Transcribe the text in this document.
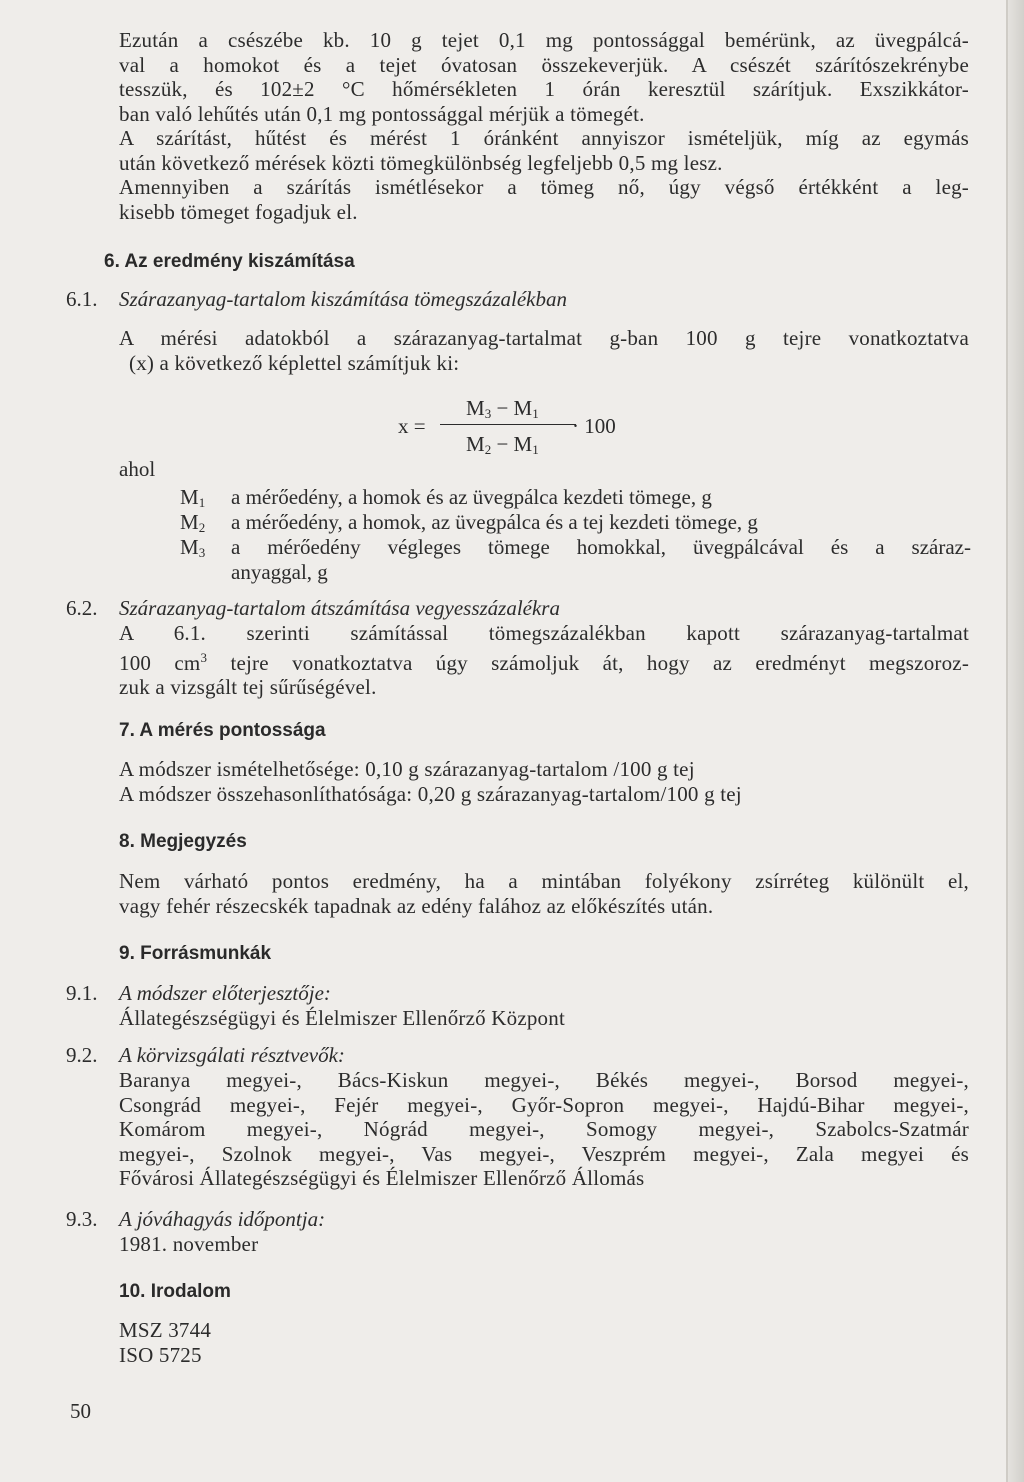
Ezután a csészébe kb. 10 g tejet 0,1 mg pontossággal bemérünk, az üvegpálcá-
val a homokot és a tejet óvatosan összekeverjük. A csészét szárítószekrénybe
tesszük, és 102±2 °C hőmérsékleten 1 órán keresztül szárítjuk. Exszikkátor-
ban való lehűtés után 0,1 mg pontossággal mérjük a tömegét.
A szárítást, hűtést és mérést 1 óránként annyiszor ismételjük, míg az egymás
után következő mérések közti tömegkülönbség legfeljebb 0,5 mg lesz.
Amennyiben a szárítás ismétlésekor a tömeg nő, úgy végső értékként a leg-
kisebb tömeget fogadjuk el.
6. Az eredmény kiszámítása
6.1. Szárazanyag-tartalom kiszámítása tömegszázalékban
A mérési adatokból a szárazanyag-tartalmat g-ban 100 g tejre vonatkoztatva
(x) a következő képlettel számítjuk ki:
x =
$M_3 - M_1$
$M_2 - M_1$
· 100
ahol
$M_1$	a mérőedény, a homok és az üvegpálca kezdeti tömege, g
$M_2$	a mérőedény, a homok, az üvegpálca és a tej kezdeti tömege, g
$M_3$	a mérőedény végleges tömege homokkal, üvegpálcával és a száraz-
anyaggal, g
6.2. Szárazanyag-tartalom átszámítása vegyesszázalékra
A 6.1. szerinti számítással tömegszázalékban kapott szárazanyag-tartalmat
100 $cm^3$ tejre vonatkoztatva úgy számoljuk át, hogy az eredményt megszoroz-
zuk a vizsgált tej sűrűségével.
7. A mérés pontossága
A módszer ismételhetősége: 0,10 g szárazanyag-tartalom /100 g tej
A módszer összehasonlíthatósága: 0,20 g szárazanyag-tartalom/100 g tej
8. Megjegyzés
Nem várható pontos eredmény, ha a mintában folyékony zsírréteg különült el,
vagy fehér részecskék tapadnak az edény falához az előkészítés után.
9. Forrásmunkák
9.1. A módszer előterjesztője:
Állategészségügyi és Élelmiszer Ellenőrző Központ
9.2. A körvizsgálati résztvevők:
Baranya megyei-, Bács-Kiskun megyei-, Békés megyei-, Borsod megyei-,
Csongrád megyei-, Fejér megyei-, Győr-Sopron megyei-, Hajdú-Bihar megyei-,
Komárom megyei-, Nógrád megyei-, Somogy megyei-, Szabolcs-Szatmár
megyei-, Szolnok megyei-, Vas megyei-, Veszprém megyei-, Zala megyei és
Fővárosi Állategészségügyi és Élelmiszer Ellenőrző Állomás
9.3. A jóváhagyás időpontja:
1981. november
10. Irodalom
MSZ 3744
ISO 5725
50
